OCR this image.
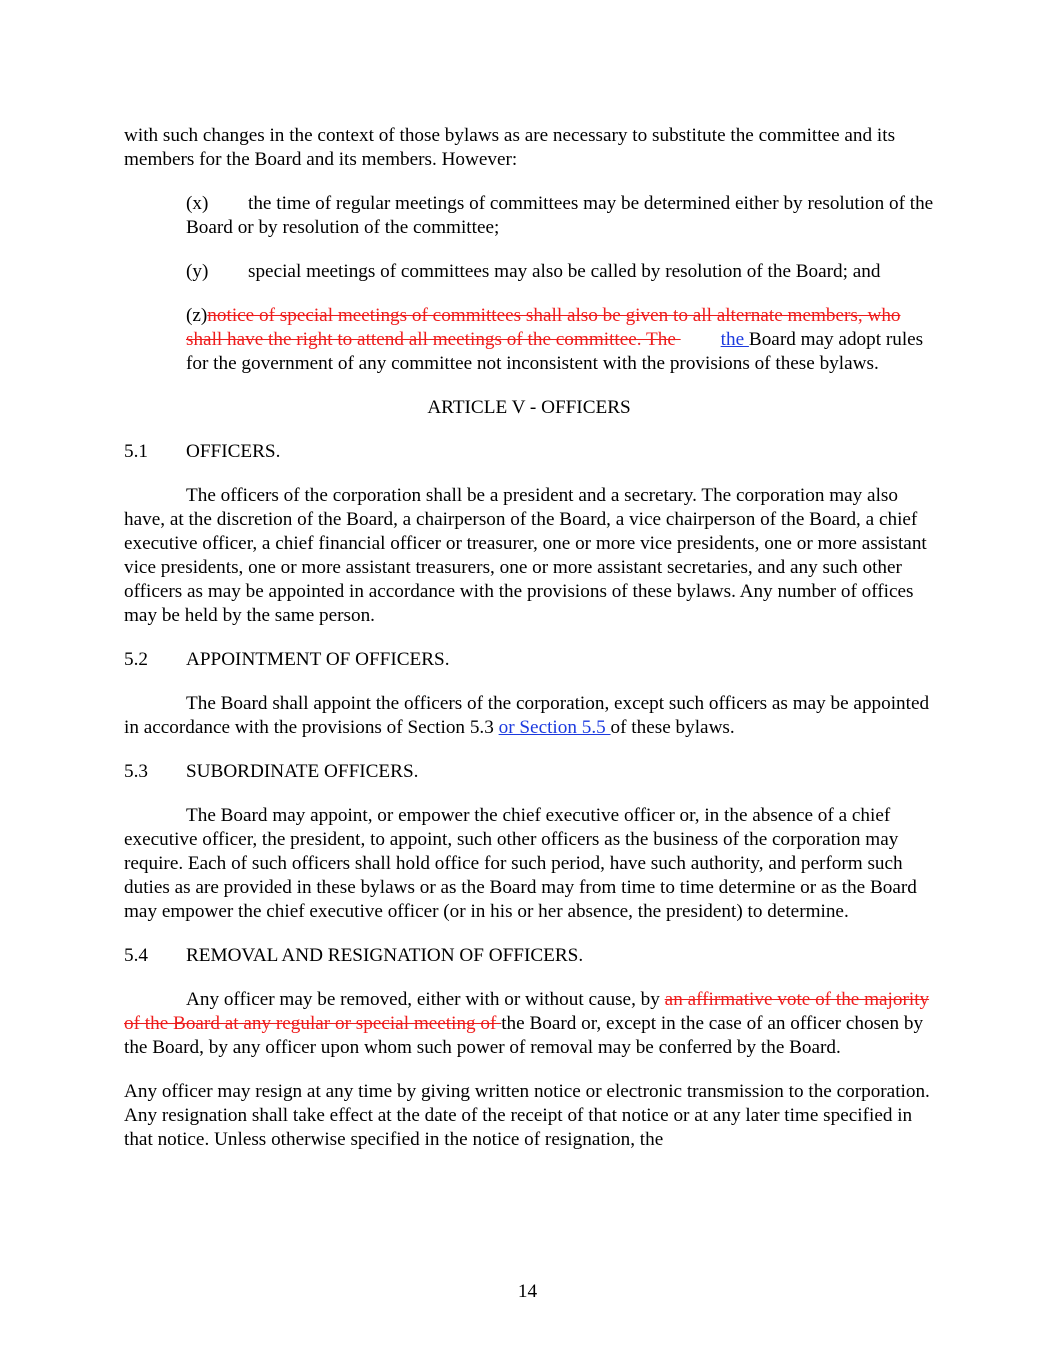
with such changes in the context of those bylaws as are necessary to substitute the committee and its members for the Board and its members. However:

(x) the time of regular meetings of committees may be determined either by resolution of the Board or by resolution of the committee;

(y) special meetings of committees may also be called by resolution of the Board; and

(z)notice of special meetings of committees shall also be given to all alternate members, who shall have the right to attend all meetings of the committee. The the Board may adopt rules for the government of any committee not inconsistent with the provisions of these bylaws.

ARTICLE V - OFFICERS

5.1 OFFICERS.

The officers of the corporation shall be a president and a secretary. The corporation may also have, at the discretion of the Board, a chairperson of the Board, a vice chairperson of the Board, a chief executive officer, a chief financial officer or treasurer, one or more vice presidents, one or more assistant vice presidents, one or more assistant treasurers, one or more assistant secretaries, and any such other officers as may be appointed in accordance with the provisions of these bylaws. Any number of offices may be held by the same person.

5.2 APPOINTMENT OF OFFICERS.

The Board shall appoint the officers of the corporation, except such officers as may be appointed in accordance with the provisions of Section 5.3 or Section 5.5 of these bylaws.

5.3 SUBORDINATE OFFICERS.

The Board may appoint, or empower the chief executive officer or, in the absence of a chief executive officer, the president, to appoint, such other officers as the business of the corporation may require. Each of such officers shall hold office for such period, have such authority, and perform such duties as are provided in these bylaws or as the Board may from time to time determine or as the Board may empower the chief executive officer (or in his or her absence, the president) to determine.

5.4 REMOVAL AND RESIGNATION OF OFFICERS.

Any officer may be removed, either with or without cause, by an affirmative vote of the majority of the Board at any regular or special meeting of the Board or, except in the case of an officer chosen by the Board, by any officer upon whom such power of removal may be conferred by the Board.

Any officer may resign at any time by giving written notice or electronic transmission to the corporation. Any resignation shall take effect at the date of the receipt of that notice or at any later time specified in that notice. Unless otherwise specified in the notice of resignation, the

14
